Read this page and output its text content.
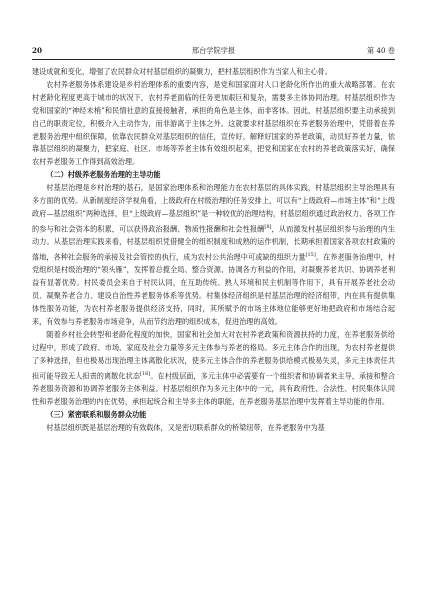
20	邢台学院学报	第 40 卷

建设成就和变化，增强了农民群众对村基层组织的凝聚力，把村基层组织作为当家人和主心骨。

农村养老服务体系建设是乡村治理体系的重要内容，是党和国家面对人口老龄化所作出的重大战略部署。在农村老龄化程度更高于城市的状况下，农村养老面临的任务更加艰巨和复杂，需要多主体协同治理。村基层组织作为党和国家的“神经末梢”和民情社意的直接接触者，承担的角色是主体，而非客体。因此，村基层组织要主动承接到自己的职责定位，积极介入主动作为，而非游离于主体之外。这就要求村基层组织在养老服务治理中，凭借着在养老服务治理中组织保障，依靠农民群众对基层组织的信任，宣传好、解释好国家的养老政策，动员好养老力量，依靠基层组织的凝聚力，把家庭、社区、市场等养老主体有效组织起来，把党和国家在农村的养老政策落实好，确保农村养老服务工作得到高效治理。

（二）村级养老服务治理的主导功能

村基层治理是乡村治理的基石，是国家治理体系和治理能力在农村基层的具体实践，村基层组织主导治理具有多方面的优势。从新制度经济学视角看，上级政府在村级治理的任务安排上，可以有“上级政府—市场主体”和“上级政府—基层组织”两种选择，但“上级政府—基层组织”是一种较优的治理结构，村基层组织通过政治权力、各项工作的参与和社会资本的积累，可以获得政治报酬、物质性报酬和社会性报酬[8]，从而激发村基层组织参与治理的内生动力。从基层治理实践来看，村基层组织凭借健全的组织制度和成熟的运作机制，长期承担着国家各项农村政策的落地，各种社会服务的承接及社会管控的执行，成为农村公共治理中可或缺的组织力量[15]。在养老服务治理中，村党组织是村级治理的“领头雁”，发挥着总揽全局、整合资源、协调各方利益的作用，对凝聚养老共识、协调养老利益有显著优势。村民委员会来自于村民认同，在互助传统、熟人环境和民主机制等作用下，具有开展养老社会动员、凝聚养老合力、建设自治性养老服务体系等优势。村集体经济组织是村基层治理的经济组带，内在具有提供集体性服务功能，为农村养老服务提供经济支持，同时，其所赋予的市场主体地位能够更好地把政府和市场结合起来，有效参与养老服务市场竞争，从而节约治理的组织成本，促进治理的高效。

随着乡村社会转型和老龄化程度的加快，国家和社会加大对农村养老政策和资源扶持的力度，在养老服务供给过程中，形成了政府、市场、家庭及社会力量等多元主体参与养老的格局。多元主体合作的出现，为农村养老提供了多种选择，但也极易出现治理主体离散化状况，使多元主体合作的养老服务供给模式极易失灵，多元主体责任共担可能导致无人担责的离散化状态[16]。在村级层面，多元主体中必需要有一个组织者和协调者来主导，承接和整合养老服务资源和协调养老服务主体利益。村基层组织作为多元主体中的一元，具有政府性、合法性、村民集体认同性和养老服务治理的内在优势，承担起统合和主导多主体的职能，在养老服务基层治理中发挥着主导功能的作用。

（三）紧密联系和服务群众功能

村基层组织既是基层治理的有效载体，又是密切联系群众的桥梁纽带，在养老服务中为基
